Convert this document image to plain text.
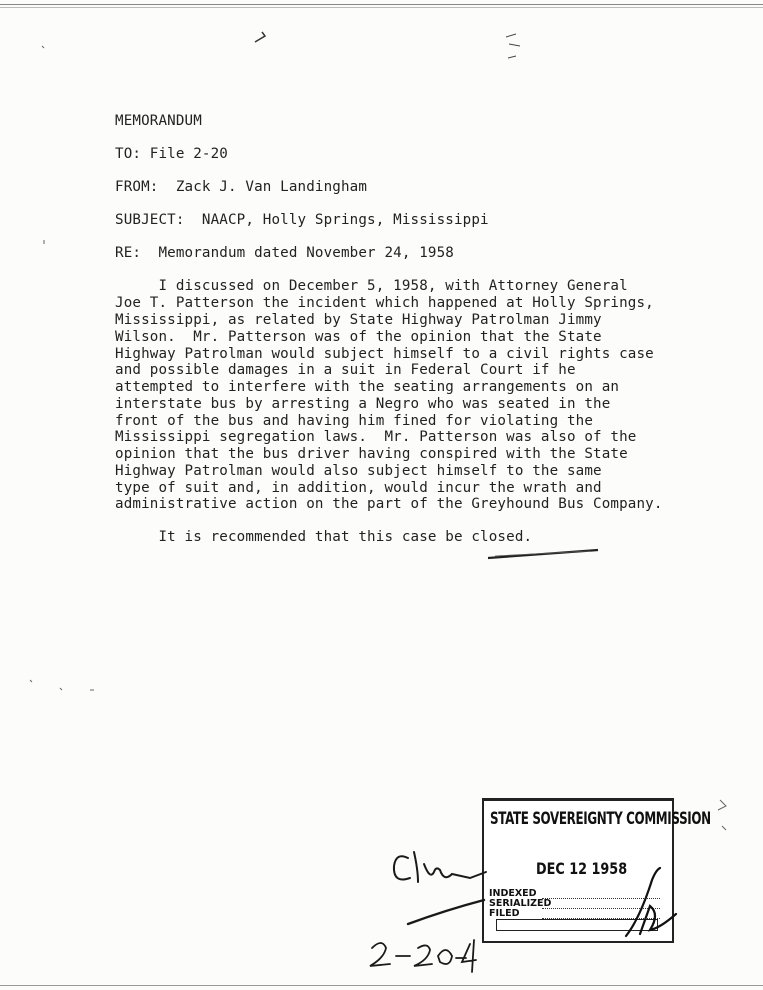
MEMORANDUM
TO: File 2-20
FROM:  Zack J. Van Landingham
SUBJECT:  NAACP, Holly Springs, Mississippi
RE:  Memorandum dated November 24, 1958
I discussed on December 5, 1958, with Attorney General
Joe T. Patterson the incident which happened at Holly Springs,
Mississippi, as related by State Highway Patrolman Jimmy
Wilson.  Mr. Patterson was of the opinion that the State
Highway Patrolman would subject himself to a civil rights case
and possible damages in a suit in Federal Court if he
attempted to interfere with the seating arrangements on an
interstate bus by arresting a Negro who was seated in the
front of the bus and having him fined for violating the
Mississippi segregation laws.  Mr. Patterson was also of the
opinion that the bus driver having conspired with the State
Highway Patrolman would also subject himself to the same
type of suit and, in addition, would incur the wrath and
administrative action on the part of the Greyhound Bus Company.
It is recommended that this case be closed.
STATE SOVEREIGNTY COMMISSION
DEC 12 1958
INDEXED
SERIALIZED
FILED
